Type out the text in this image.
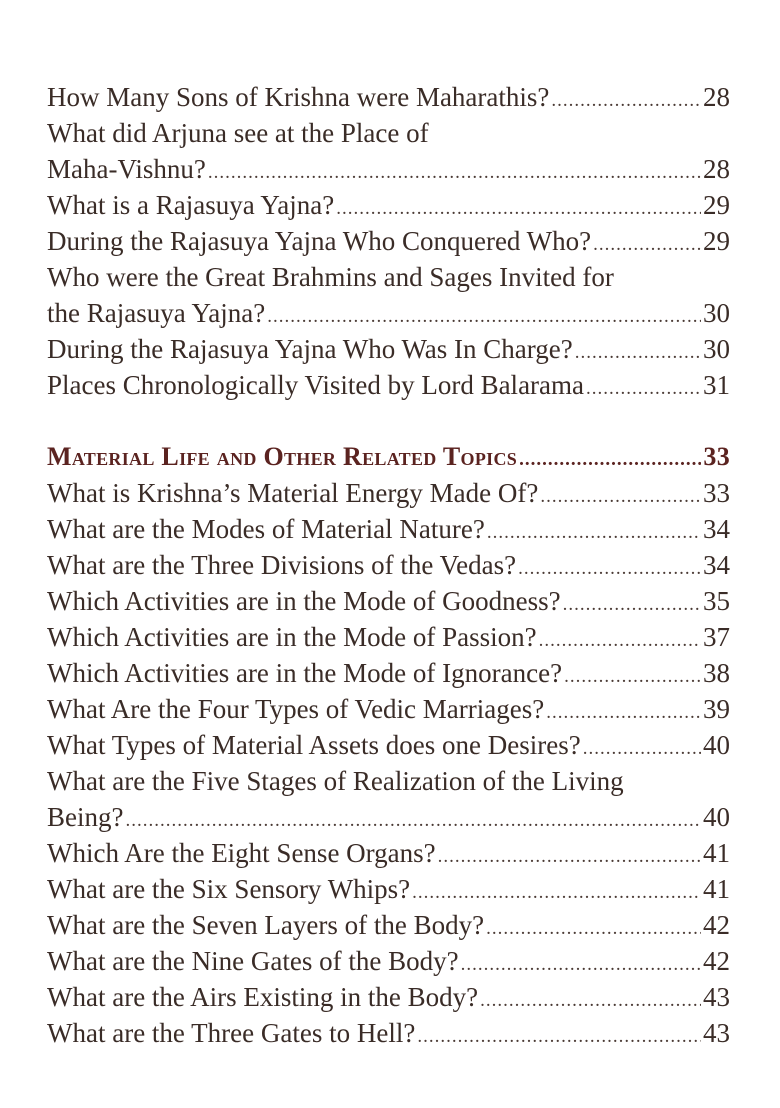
How Many Sons of Krishna were Maharathis? .....	28
What did Arjuna see at the Place of
Maha-Vishnu? .....	28
What is a Rajasuya Yajna? .....	29
During the Rajasuya Yajna Who Conquered Who? .....	29
Who were the Great Brahmins and Sages Invited for
the Rajasuya Yajna? .....	30
During the Rajasuya Yajna Who Was In Charge? .....	30
Places Chronologically Visited by Lord Balarama .....	31
Material Life and Other Related Topics .....	33
What is Krishna’s Material Energy Made Of? .....	33
What are the Modes of Material Nature? .....	34
What are the Three Divisions of the Vedas? .....	34
Which Activities are in the Mode of Goodness? .....	35
Which Activities are in the Mode of Passion? .....	37
Which Activities are in the Mode of Ignorance? .....	38
What Are the Four Types of Vedic Marriages? .....	39
What Types of Material Assets does one Desires? .....	40
What are the Five Stages of Realization of the Living
Being? .....	40
Which Are the Eight Sense Organs? .....	41
What are the Six Sensory Whips? .....	41
What are the Seven Layers of the Body? .....	42
What are the Nine Gates of the Body? .....	42
What are the Airs Existing in the Body? .....	43
What are the Three Gates to Hell? .....	43
